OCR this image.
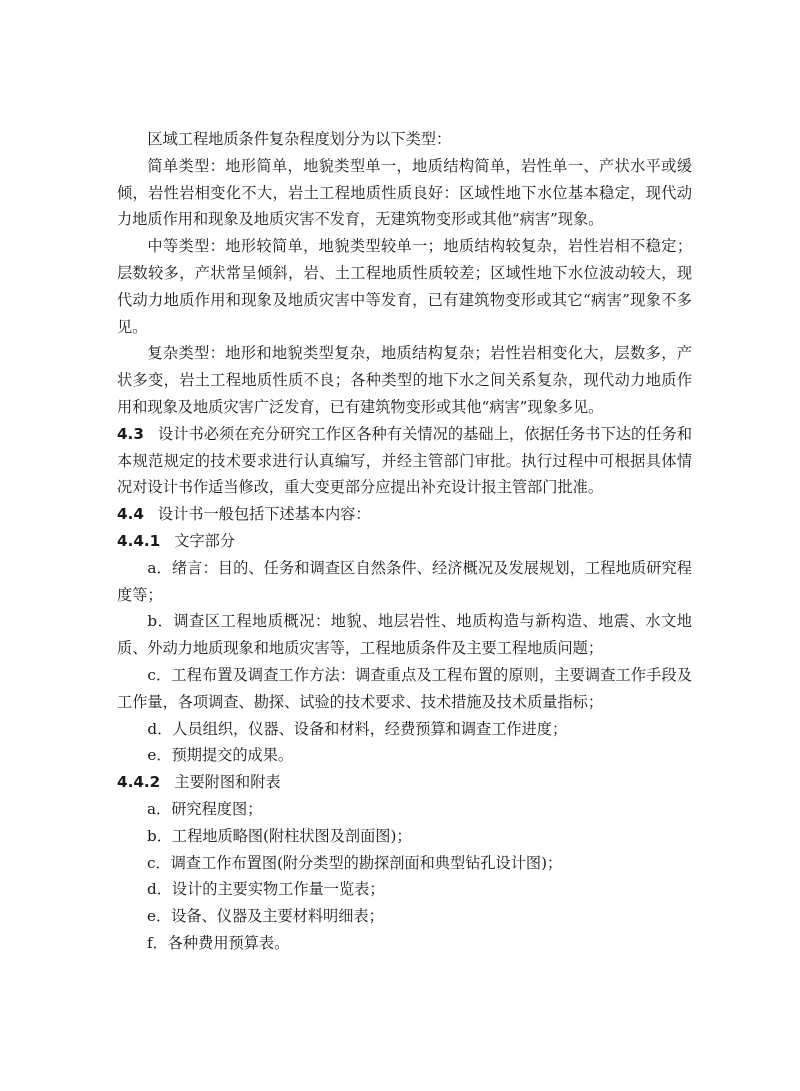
区域工程地质条件复杂程度划分为以下类型：

简单类型：地形简单，地貌类型单一，地质结构简单，岩性单一、产状水平或缓倾，岩性岩相变化不大，岩土工程地质性质良好：区域性地下水位基本稳定，现代动力地质作用和现象及地质灾害不发育，无建筑物变形或其他“病害”现象。

中等类型：地形较简单，地貌类型较单一；地质结构较复杂，岩性岩相不稳定；层数较多，产状常呈倾斜，岩、土工程地质性质较差；区域性地下水位波动较大，现代动力地质作用和现象及地质灾害中等发育，已有建筑物变形或其它“病害”现象不多见。

复杂类型：地形和地貌类型复杂，地质结构复杂；岩性岩相变化大，层数多，产状多变，岩土工程地质性质不良；各种类型的地下水之间关系复杂，现代动力地质作用和现象及地质灾害广泛发育，已有建筑物变形或其他“病害”现象多见。

4.3 设计书必须在充分研究工作区各种有关情况的基础上，依据任务书下达的任务和本规范规定的技术要求进行认真编写，并经主管部门审批。执行过程中可根据具体情况对设计书作适当修改，重大变更部分应提出补充设计报主管部门批准。

4.4 设计书一般包括下述基本内容：

4.4.1 文字部分

a．绪言：目的、任务和调查区自然条件、经济概况及发展规划，工程地质研究程度等；

b．调查区工程地质概况：地貌、地层岩性、地质构造与新构造、地震、水文地质、外动力地质现象和地质灾害等，工程地质条件及主要工程地质问题；

c．工程布置及调查工作方法：调查重点及工程布置的原则，主要调查工作手段及工作量，各项调查、勘探、试验的技术要求、技术措施及技术质量指标；

d．人员组织，仪器、设备和材料，经费预算和调查工作进度；

e．预期提交的成果。

4.4.2 主要附图和附表

a．研究程度图；

b．工程地质略图(附柱状图及剖面图)；

c．调查工作布置图(附分类型的勘探剖面和典型钻孔设计图)；

d．设计的主要实物工作量一览表；

e．设备、仪器及主要材料明细表；

f．各种费用预算表。
